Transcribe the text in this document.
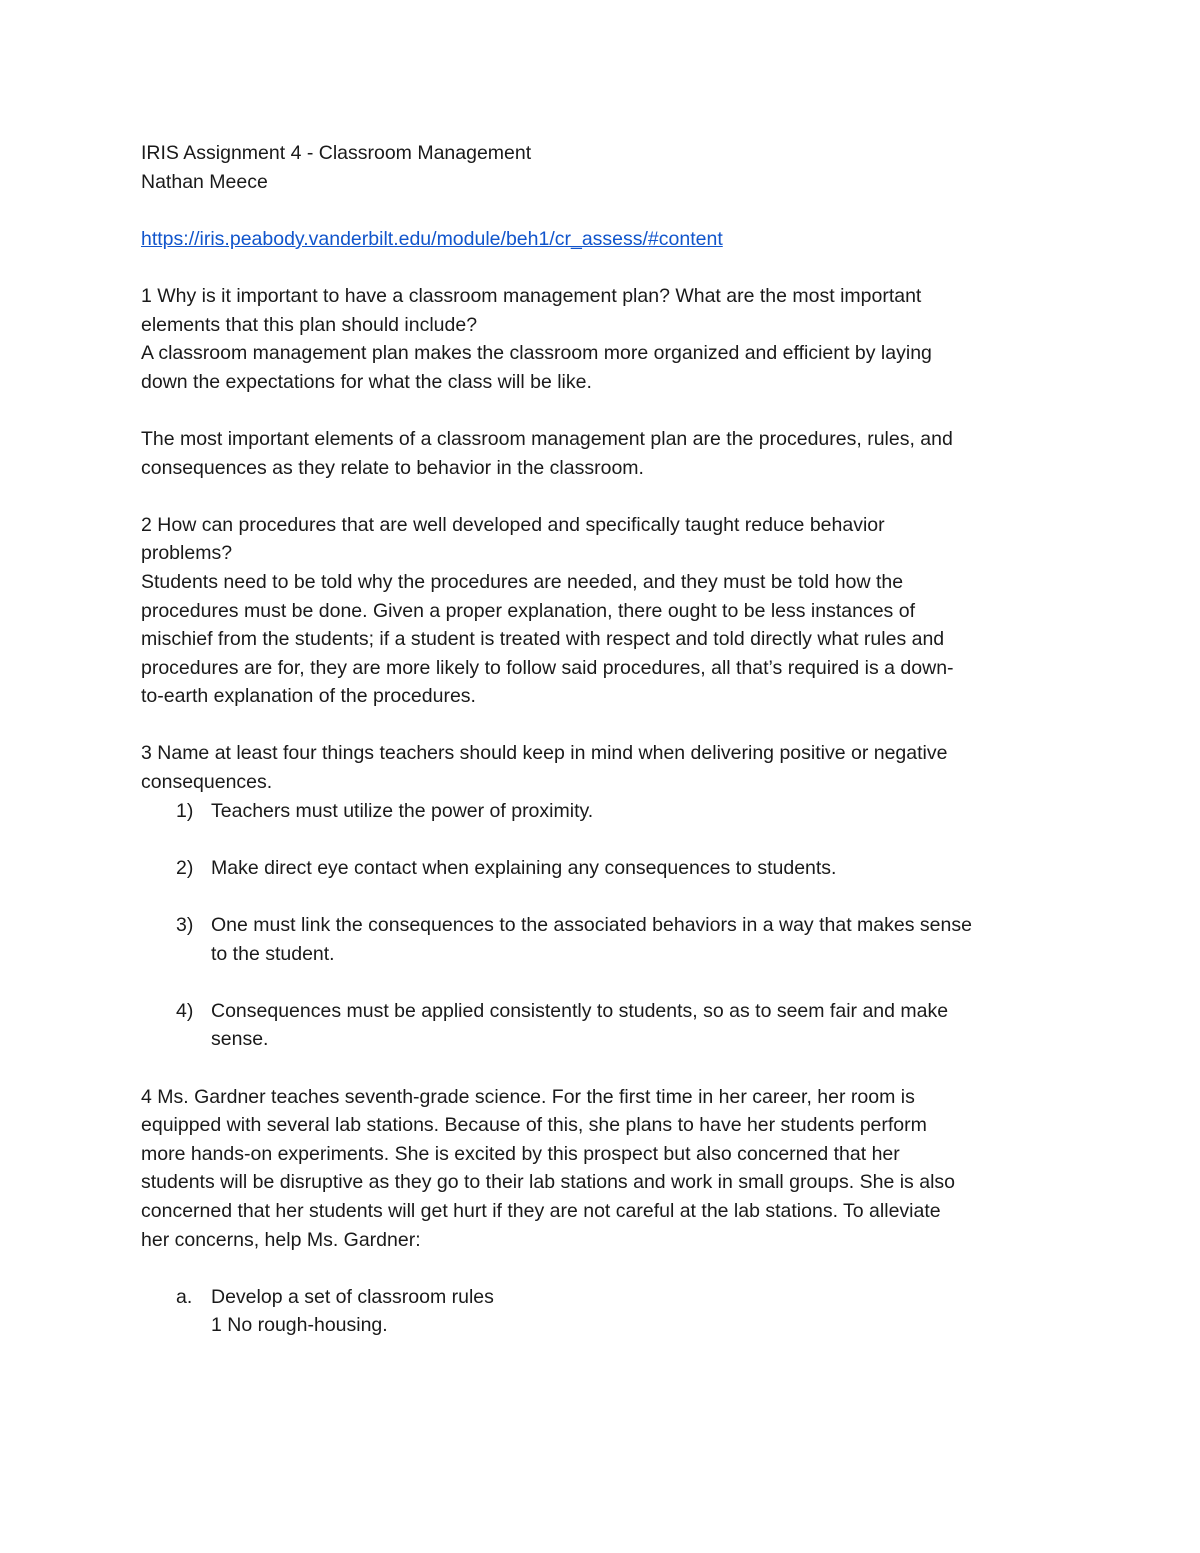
IRIS Assignment 4 - Classroom Management
Nathan Meece
https://iris.peabody.vanderbilt.edu/module/beh1/cr_assess/#content
1 Why is it important to have a classroom management plan? What are the most important
elements that this plan should include?
A classroom management plan makes the classroom more organized and efficient by laying
down the expectations for what the class will be like.
The most important elements of a classroom management plan are the procedures, rules, and
consequences as they relate to behavior in the classroom.
2 How can procedures that are well developed and specifically taught reduce behavior
problems?
Students need to be told why the procedures are needed, and they must be told how the
procedures must be done. Given a proper explanation, there ought to be less instances of
mischief from the students; if a student is treated with respect and told directly what rules and
procedures are for, they are more likely to follow said procedures, all that’s required is a down-
to-earth explanation of the procedures.
3 Name at least four things teachers should keep in mind when delivering positive or negative
consequences.
1) Teachers must utilize the power of proximity.
2) Make direct eye contact when explaining any consequences to students.
3) One must link the consequences to the associated behaviors in a way that makes sense
to the student.
4) Consequences must be applied consistently to students, so as to seem fair and make
sense.
4 Ms. Gardner teaches seventh-grade science. For the first time in her career, her room is
equipped with several lab stations. Because of this, she plans to have her students perform
more hands-on experiments. She is excited by this prospect but also concerned that her
students will be disruptive as they go to their lab stations and work in small groups. She is also
concerned that her students will get hurt if they are not careful at the lab stations. To alleviate
her concerns, help Ms. Gardner:
a. Develop a set of classroom rules
1 No rough-housing.
